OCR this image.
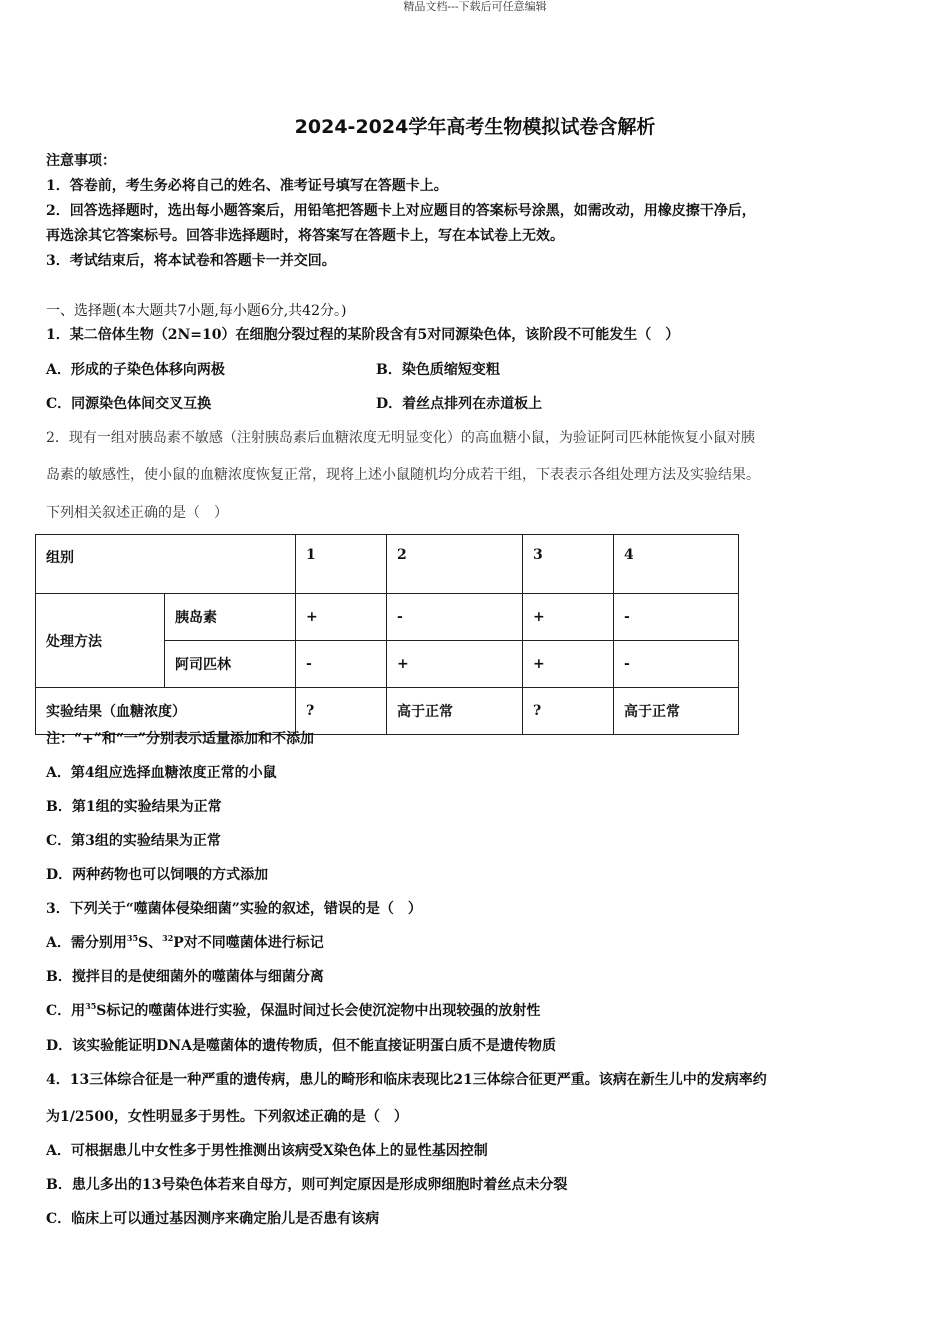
精品文档---下载后可任意编辑
2024-2024学年高考生物模拟试卷含解析
注意事项：
1．答卷前，考生务必将自己的姓名、准考证号填写在答题卡上。
2．回答选择题时，选出每小题答案后，用铅笔把答题卡上对应题目的答案标号涂黑，如需改动，用橡皮擦干净后，
再选涂其它答案标号。回答非选择题时，将答案写在答题卡上，写在本试卷上无效。
3．考试结束后，将本试卷和答题卡一并交回。
一、选择题(本大题共7小题,每小题6分,共42分。)
1．某二倍体生物（2N=10）在细胞分裂过程的某阶段含有5对同源染色体，该阶段不可能发生（　）
A．形成的子染色体移向两极	B．染色质缩短变粗
C．同源染色体间交叉互换	D．着丝点排列在赤道板上
2．现有一组对胰岛素不敏感（注射胰岛素后血糖浓度无明显变化）的高血糖小鼠，为验证阿司匹林能恢复小鼠对胰
岛素的敏感性，使小鼠的血糖浓度恢复正常，现将上述小鼠随机均分成若干组，下表表示各组处理方法及实验结果。
下列相关叙述正确的是（　）
组别		1	2	3	4
处理方法	胰岛素	+	-	+	-
	阿司匹林	-	+	+	-
实验结果（血糖浓度）		?	高于正常	?	高于正常
注：“+”和“一”分别表示适量添加和不添加
A．第4组应选择血糖浓度正常的小鼠
B．第1组的实验结果为正常
C．第3组的实验结果为正常
D．两种药物也可以饲喂的方式添加
3．下列关于“噬菌体侵染细菌”实验的叙述，错误的是（　）
A．需分别用$^{35}$S、$^{32}$P对不同噬菌体进行标记
B．搅拌目的是使细菌外的噬菌体与细菌分离
C．用$^{35}$S标记的噬菌体进行实验，保温时间过长会使沉淀物中出现较强的放射性
D．该实验能证明DNA是噬菌体的遗传物质，但不能直接证明蛋白质不是遗传物质
4．13三体综合征是一种严重的遗传病，患儿的畸形和临床表现比21三体综合征更严重。该病在新生儿中的发病率约
为1/2500，女性明显多于男性。下列叙述正确的是（　）
A．可根据患儿中女性多于男性推测出该病受X染色体上的显性基因控制
B．患儿多出的13号染色体若来自母方，则可判定原因是形成卵细胞时着丝点未分裂
C．临床上可以通过基因测序来确定胎儿是否患有该病
